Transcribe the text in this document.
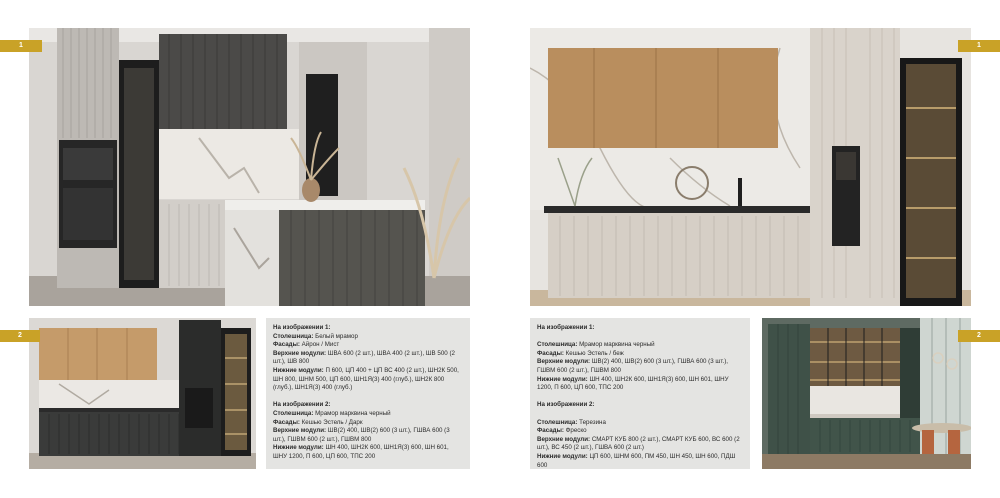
1
2

На изображении 1:

Столешница: Белый мрамор

Фасады: Айрон / Мист

Верхние модули: ШВА 600 (2 шт.), ШВА 400 (2 шт.), ШВ 500 (2 шт.), ШВ 800

Нижние модули: П 600, ЦП 400 + ЦП ВС 400 (2 шт.), ШН2К 500, ШН 800, ШНМ 500, ЦП 600, ШН1Я(3) 400 (глуб.), ШН2К 800 (глуб.), ШН1Я(3) 400 (глуб.)

На изображении 2:

Столешница: Мрамор марквина черный

Фасады: Кешью Эстель / Дарк

Верхние модули: ШВ(2) 400, ШВ(2) 600 (3 шт.), ГШВА 600 (3 шт.), ГШВМ 600 (2 шт.), ГШВМ 800

Нижние модули: ШН 400, ШН2К 600, ШН1Я(3) 600, ШН 601, ШНУ 1200, П 600, ЦП 600, ТПС 200

1

На изображении 1:

Столешница: Мрамор марквина черный

Фасады: Кешью Эстель / беж

Верхние модули: ШВ(2) 400, ШВ(2) 600 (3 шт.), ГШВА 600 (3 шт.), ГШВМ 600 (2 шт.), ГШВМ 800

Нижние модули: ШН 400, ШН2К 600, ШН1Я(3) 600, ШН 601, ШНУ 1200, П 600, ЦП 600, ТПС 200

На изображении 2:

Столешница: Терезина

Фасады: Фреско

Верхние модули: СМАРТ КУБ 800 (2 шт.), СМАРТ КУБ 600, ВС 600 (2 шт.), ВС 450 (2 шт.), ГШВА 600 (2 шт.)

Нижние модули: ЦП 600, ШНМ 600, ПМ 450, ШН 450, ШН 600, ПДШ 600

2
